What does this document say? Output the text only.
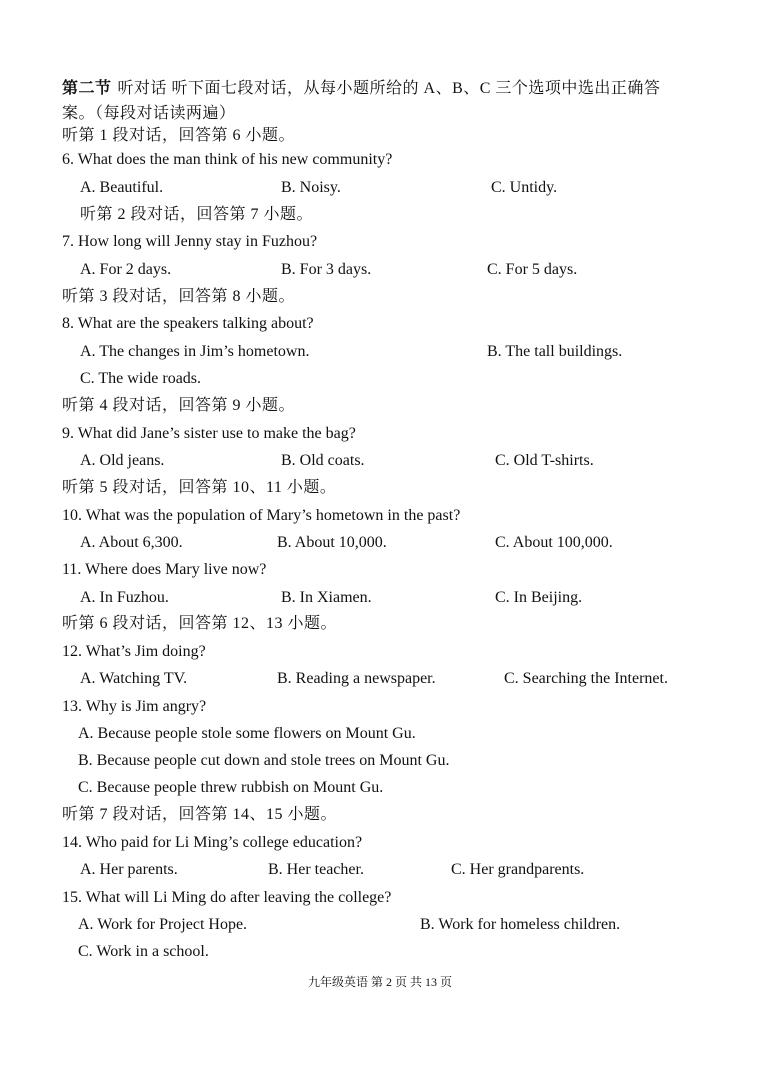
第二节 听对话 听下面七段对话，从每小题所给的 A、B、C 三个选项中选出正确答
案。（每段对话读两遍）
听第 1 段对话，回答第 6 小题。
6. What does the man think of his new community?
A. Beautiful.	B. Noisy.	C. Untidy.
听第 2 段对话，回答第 7 小题。
7. How long will Jenny stay in Fuzhou?
A. For 2 days.	B. For 3 days.	C. For 5 days.
听第 3 段对话，回答第 8 小题。
8. What are the speakers talking about?
A. The changes in Jim’s hometown.	B. The tall buildings.
C. The wide roads.
听第 4 段对话，回答第 9 小题。
9. What did Jane’s sister use to make the bag?
A. Old jeans.	B. Old coats.	C. Old T-shirts.
听第 5 段对话，回答第 10、11 小题。
10. What was the population of Mary’s hometown in the past?
A. About 6,300.	B. About 10,000.	C. About 100,000.
11. Where does Mary live now?
A. In Fuzhou.	B. In Xiamen.	C. In Beijing.
听第 6 段对话，回答第 12、13 小题。
12. What’s Jim doing?
A. Watching TV.	B. Reading a newspaper.	C. Searching the Internet.
13. Why is Jim angry?
A. Because people stole some flowers on Mount Gu.
B. Because people cut down and stole trees on Mount Gu.
C. Because people threw rubbish on Mount Gu.
听第 7 段对话，回答第 14、15 小题。
14. Who paid for Li Ming’s college education?
A. Her parents.	B. Her teacher.	C. Her grandparents.
15. What will Li Ming do after leaving the college?
A. Work for Project Hope.	B. Work for homeless children.
C. Work in a school.
九年级英语 第 2 页 共 13 页
